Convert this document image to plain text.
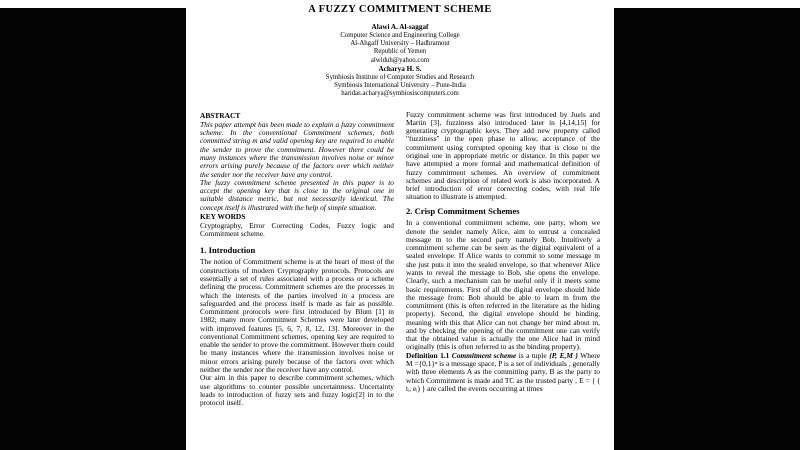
A FUZZY COMMITMENT SCHEME
Alawi A. Al-saggaf
Computer Science and Engineering College
Al-Ahgaff University – Hadhramout
Republic of Yemen
alwiduh@yahoo.com
Acharya H. S.
Symbiosis Institute of Computer Studies and Research
Symbiosis International University – Pune-India
haridas.acharya@symbiosiscomputers.com
ABSTRACT

This paper attempt has been made to explain a fuzzy commitment scheme. In the conventional Commitment schemes, both committed string m and valid opening key are required to enable the sender to prove the commitment. However there could be many instances where the transmission involves noise or minor errors arising purely because of the factors over which neither the sender nor the receiver have any control.

The fuzzy commitment scheme presented in this paper is to accept the opening key that is close to the original one in suitable distance metric, but not necessarily identical. The concept itself is illustrated with the help of simple situation.

KEY WORDS

Cryptography, Error Correcting Codes, Fuzzy logic and Commitment scheme.

1. Introduction

The notion of Commitment scheme is at the heart of most of the constructions of modern Cryptography protocols. Protocols are essentially a set of rules associated with a process or a scheme defining the process. Commitment schemes are the processes in which the interests of the parties involved in a process are safeguarded and the process itself is made as fair as possible. Commitment protocols were first introduced by Blum [1] in 1982; many more Commitment Schemes were later developed with improved features [5, 6, 7, 8, 12, 13]. Moreover in the conventional Commitment schemes, opening key are required to enable the sender to prove the commitment. However there could be many instances where the transmission involves noise or minor errors arising purely because of the factors over which neither the sender nor the receiver have any control.

Our aim in this paper to describe commitment schemes, which use algorithms to counter possible uncertainness. Uncertainty leads to introduction of fuzzy sets and fuzzy logic[2] in to the protocol itself.

Fuzzy commitment scheme was first introduced by Juels and Martin [3], fuzziness also introduced later in [4,14,15] for generating cryptographic keys. They add new property called "fuzziness" in the open phase to allow, acceptance of the commitment using corrupted opening key that is close to the original one in appropriate metric or distance. In this paper we have attempted a more formal and mathematical definition of fuzzy commitment schemes. An overview of commitment schemes and description of related work is also incorporated. A brief introduction of error correcting codes, with real life situation to illustrate is attempted.

2. Crisp Commitment Schemes

In a conventional commitment scheme, one party, whom we denote the sender namely Alice, aim to entrust a concealed message m to the second party namely Bob. Intuitively a commitment scheme can be seen as the digital equivalent of a sealed envelope. If Alice wants to commit to some message m she just puts it into the sealed envelope, so that whenever Alice wants to reveal the message to Bob, she opens the envelope. Clearly, such a mechanism can be useful only if it meets some basic requirements. First of all the digital envelope should hide the message from: Bob should be able to learn m from the commitment (this is often referred in the literature as the hiding property). Second, the digital envelope should be binding, meaning with this that Alice can not change her mind about m, and by checking the opening of the commitment one can verify that the obtained value is actually the one Alice had in mind originally (this is often referred to as the binding property).

Definition 1.1 Commitment scheme is a tuple {P, E,M } Where M ={0,1}ⁿ is a message space, P is a set of individuals , generally with three elements A as the committing party, B as the party to which Commitment is made and TC as the trusted party , E = { ( tᵢ, eᵢ) } are called the events occurring at times
